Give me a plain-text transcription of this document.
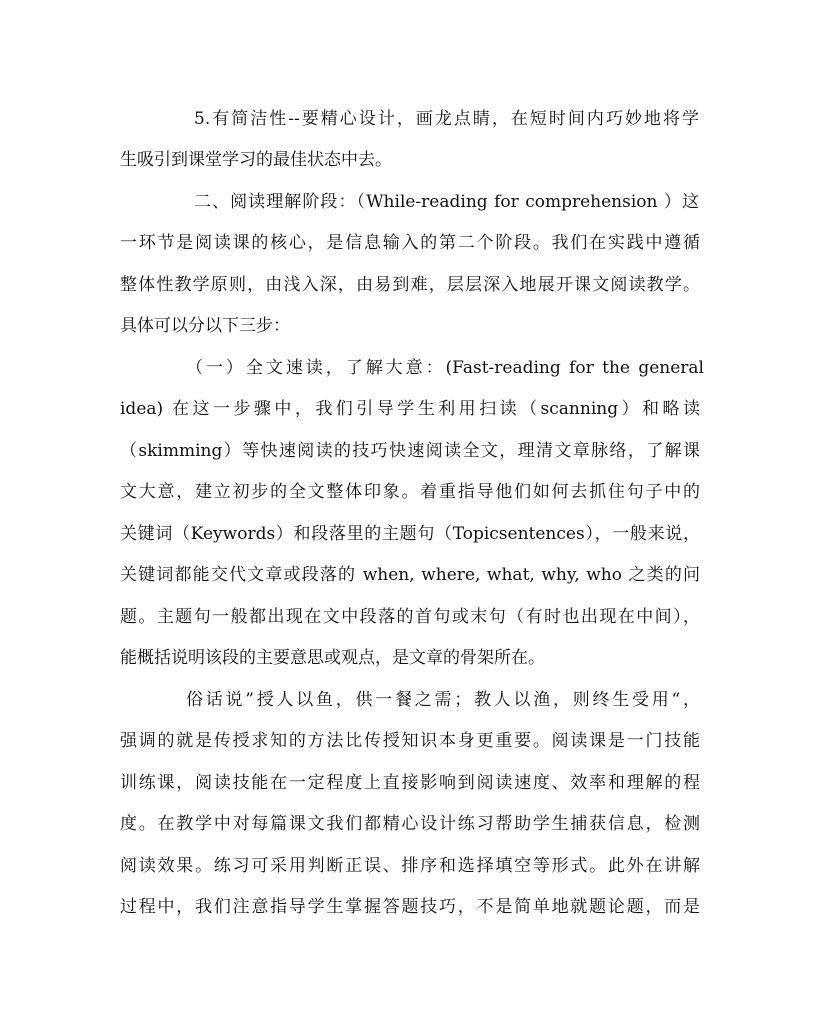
5.有简洁性--要精心设计，画龙点睛，在短时间内巧妙地将学
生吸引到课堂学习的最佳状态中去。
二、阅读理解阶段：（While-reading for comprehension ）这
一环节是阅读课的核心，是信息输入的第二个阶段。我们在实践中遵循
整体性教学原则，由浅入深，由易到难，层层深入地展开课文阅读教学。
具体可以分以下三步：
（一）全文速读，了解大意：(Fast-reading for the general
idea) 在这一步骤中，我们引导学生利用扫读（scanning）和略读
（skimming）等快速阅读的技巧快速阅读全文，理清文章脉络，了解课
文大意，建立初步的全文整体印象。着重指导他们如何去抓住句子中的
关键词（Keywords）和段落里的主题句（Topicsentences），一般来说，
关键词都能交代文章或段落的 when, where, what, why, who 之类的问
题。主题句一般都出现在文中段落的首句或末句（有时也出现在中间），
能概括说明该段的主要意思或观点，是文章的骨架所在。
俗话说”授人以鱼，供一餐之需；教人以渔，则终生受用“，
强调的就是传授求知的方法比传授知识本身更重要。阅读课是一门技能
训练课，阅读技能在一定程度上直接影响到阅读速度、效率和理解的程
度。在教学中对每篇课文我们都精心设计练习帮助学生捕获信息，检测
阅读效果。练习可采用判断正误、排序和选择填空等形式。此外在讲解
过程中，我们注意指导学生掌握答题技巧，不是简单地就题论题，而是
